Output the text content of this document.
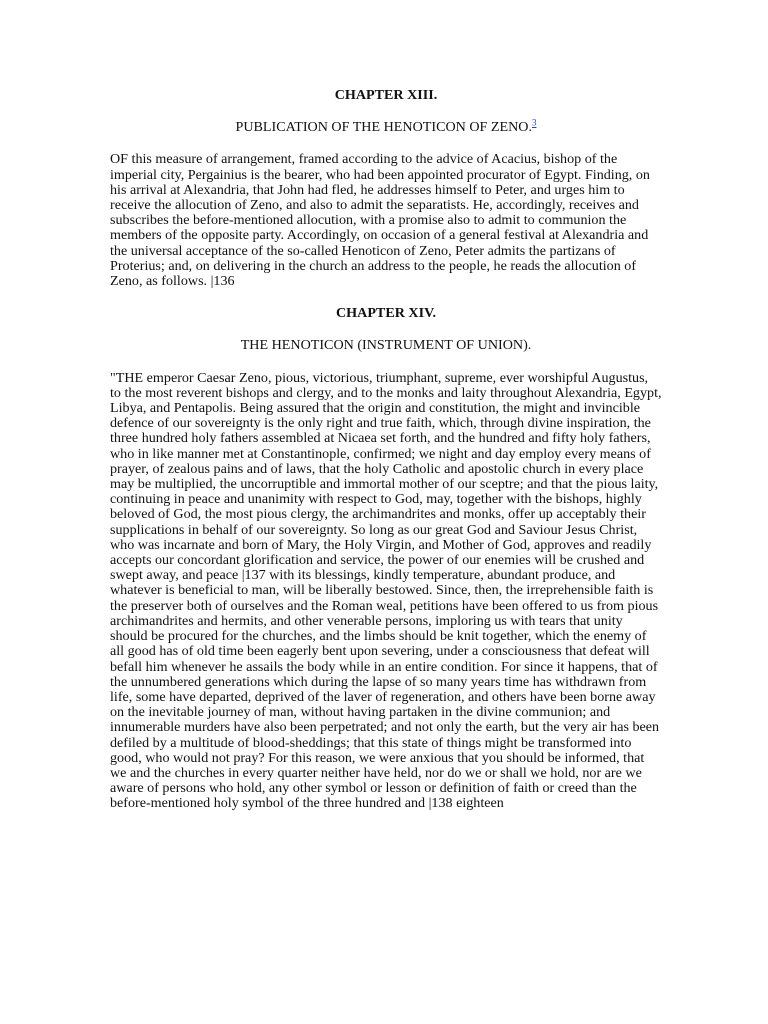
CHAPTER XIII.

PUBLICATION OF THE HENOTICON OF ZENO.$^3$

OF this measure of arrangement, framed according to the advice of Acacius, bishop of the imperial city, Pergainius is the bearer, who had been appointed procurator of Egypt. Finding, on his arrival at Alexandria, that John had fled, he addresses himself to Peter, and urges him to receive the allocution of Zeno, and also to admit the separatists. He, accordingly, receives and subscribes the before-mentioned allocution, with a promise also to admit to communion the members of the opposite party. Accordingly, on occasion of a general festival at Alexandria and the universal acceptance of the so-called Henoticon of Zeno, Peter admits the partizans of Proterius; and, on delivering in the church an address to the people, he reads the allocution of Zeno, as follows. |136

CHAPTER XIV.

THE HENOTICON (INSTRUMENT OF UNION).

"THE emperor Caesar Zeno, pious, victorious, triumphant, supreme, ever worshipful Augustus, to the most reverent bishops and clergy, and to the monks and laity throughout Alexandria, Egypt, Libya, and Pentapolis. Being assured that the origin and constitution, the might and invincible defence of our sovereignty is the only right and true faith, which, through divine inspiration, the three hundred holy fathers assembled at Nicaea set forth, and the hundred and fifty holy fathers, who in like manner met at Constantinople, confirmed; we night and day employ every means of prayer, of zealous pains and of laws, that the holy Catholic and apostolic church in every place may be multiplied, the uncorruptible and immortal mother of our sceptre; and that the pious laity, continuing in peace and unanimity with respect to God, may, together with the bishops, highly beloved of God, the most pious clergy, the archimandrites and monks, offer up acceptably their supplications in behalf of our sovereignty. So long as our great God and Saviour Jesus Christ, who was incarnate and born of Mary, the Holy Virgin, and Mother of God, approves and readily accepts our concordant glorification and service, the power of our enemies will be crushed and swept away, and peace |137 with its blessings, kindly temperature, abundant produce, and whatever is beneficial to man, will be liberally bestowed. Since, then, the irreprehensible faith is the preserver both of ourselves and the Roman weal, petitions have been offered to us from pious archimandrites and hermits, and other venerable persons, imploring us with tears that unity should be procured for the churches, and the limbs should be knit together, which the enemy of all good has of old time been eagerly bent upon severing, under a consciousness that defeat will befall him whenever he assails the body while in an entire condition. For since it happens, that of the unnumbered generations which during the lapse of so many years time has withdrawn from life, some have departed, deprived of the laver of regeneration, and others have been borne away on the inevitable journey of man, without having partaken in the divine communion; and innumerable murders have also been perpetrated; and not only the earth, but the very air has been defiled by a multitude of blood-sheddings; that this state of things might be transformed into good, who would not pray? For this reason, we were anxious that you should be informed, that we and the churches in every quarter neither have held, nor do we or shall we hold, nor are we aware of persons who hold, any other symbol or lesson or definition of faith or creed than the before-mentioned holy symbol of the three hundred and |138 eighteen
